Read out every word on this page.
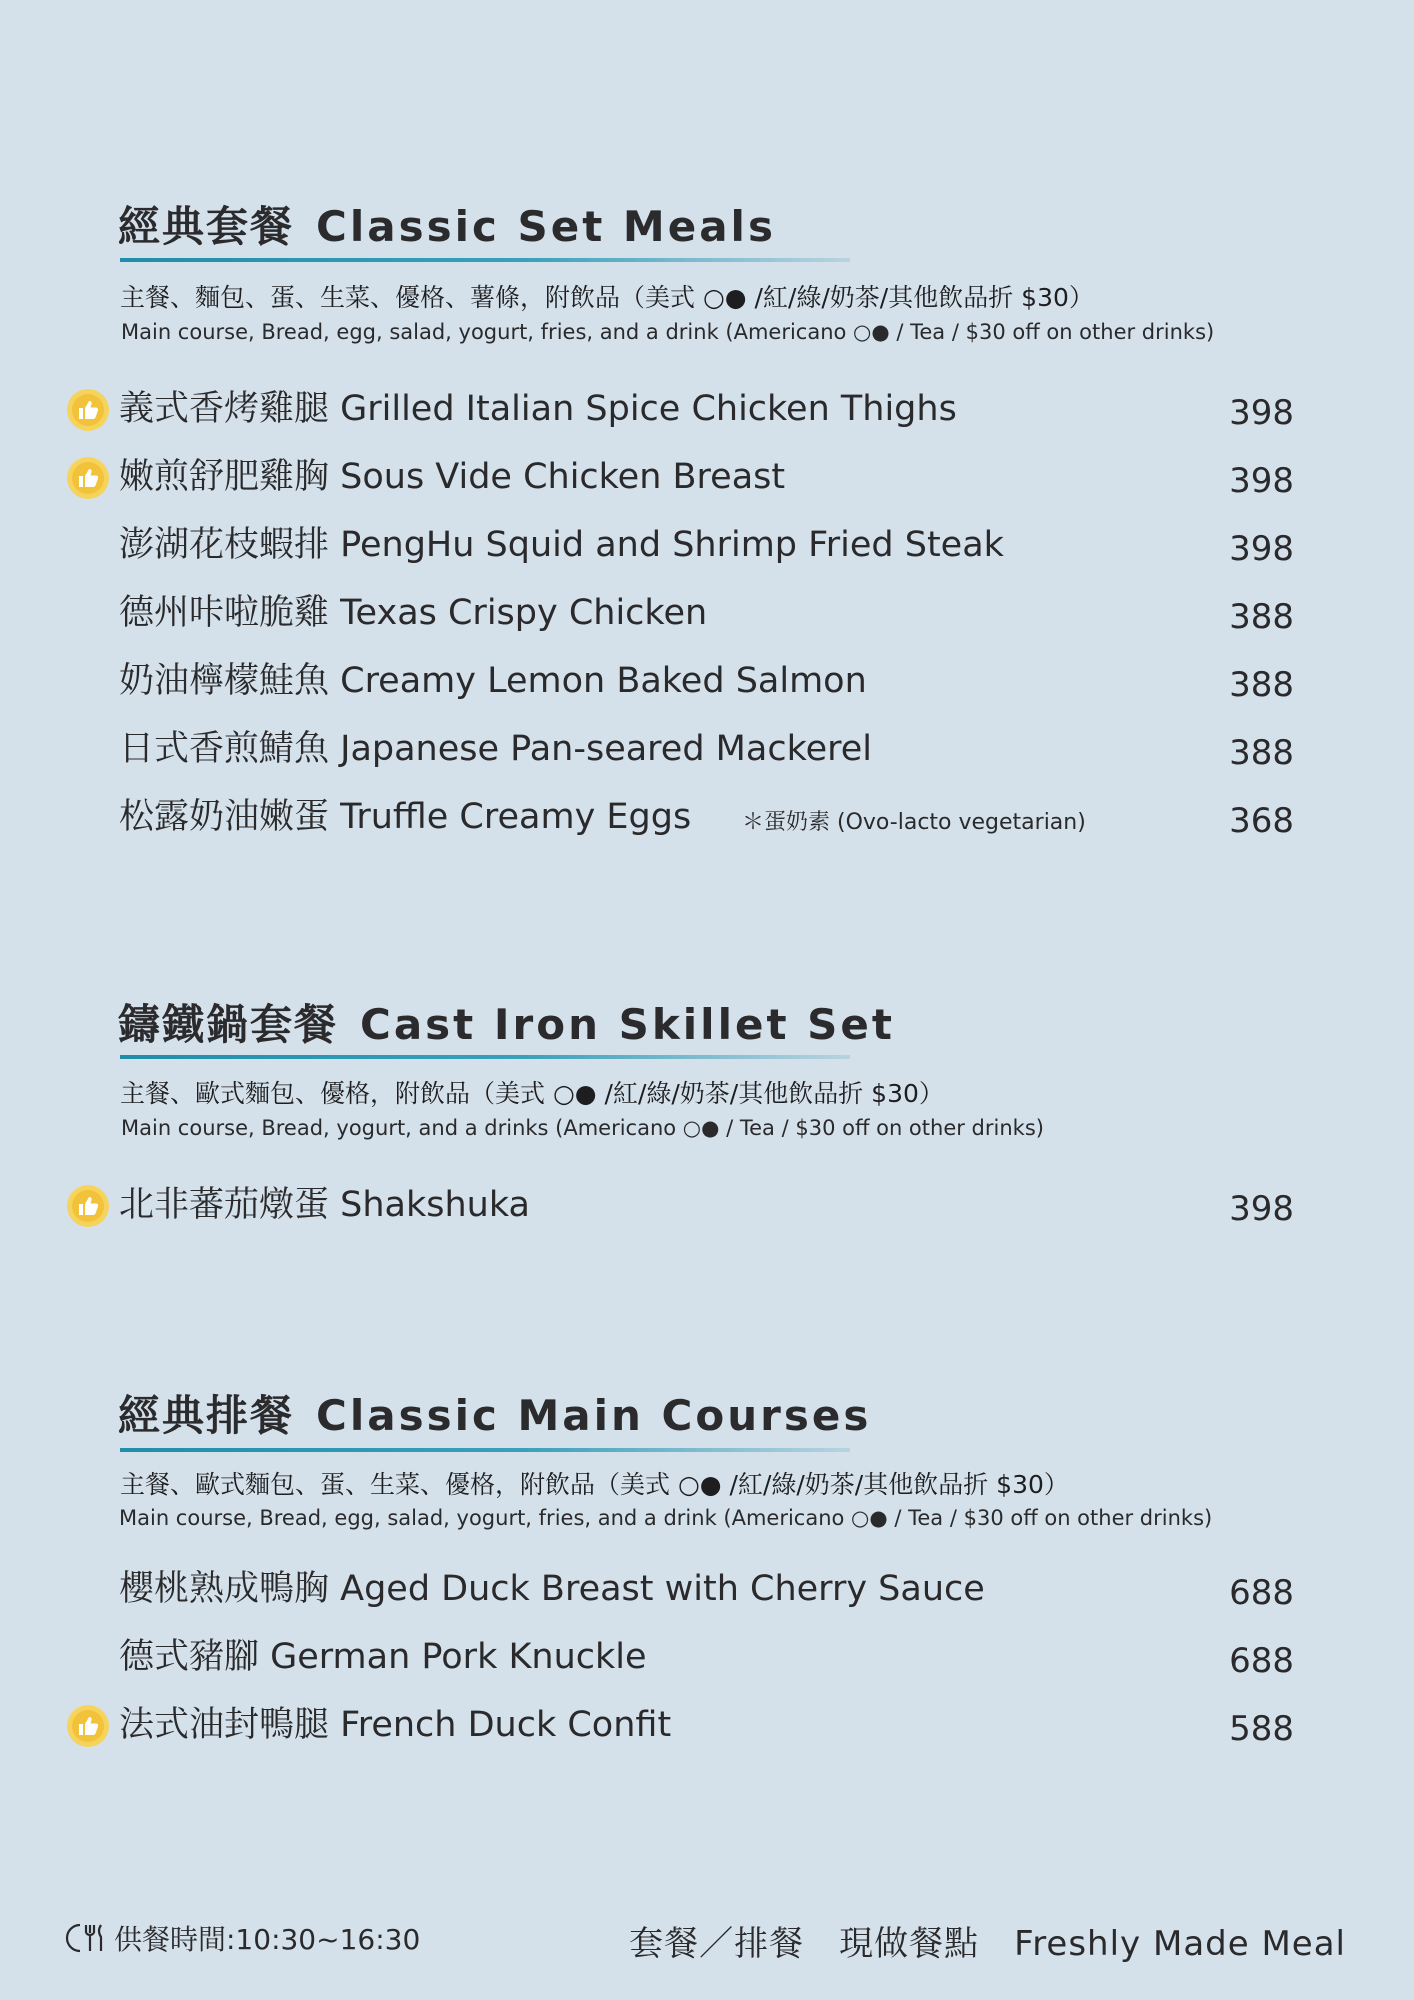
經典套餐 Classic Set Meals
主餐、麵包、蛋、生菜、優格、薯條，附飲品（美式 ○● /紅/綠/奶茶/其他飲品折 $30）
Main course, Bread, egg, salad, yogurt, fries, and a drink (Americano ○● / Tea / $30 off on other drinks)
義式香烤雞腿 Grilled Italian Spice Chicken Thighs	398
嫩煎舒肥雞胸 Sous Vide Chicken Breast	398
澎湖花枝蝦排 PengHu Squid and Shrimp Fried Steak	398
德州咔啦脆雞 Texas Crispy Chicken	388
奶油檸檬鮭魚 Creamy Lemon Baked Salmon	388
日式香煎鯖魚 Japanese Pan-seared Mackerel	388
松露奶油嫩蛋 Truffle Creamy Eggs ＊蛋奶素 (Ovo-lacto vegetarian)	368
鑄鐵鍋套餐 Cast Iron Skillet Set
主餐、歐式麵包、優格，附飲品（美式 ○● /紅/綠/奶茶/其他飲品折 $30）
Main course, Bread, yogurt, and a drinks (Americano ○● / Tea / $30 off on other drinks)
北非蕃茄燉蛋 Shakshuka	398
經典排餐 Classic Main Courses
主餐、歐式麵包、蛋、生菜、優格，附飲品（美式 ○● /紅/綠/奶茶/其他飲品折 $30）
Main course, Bread, egg, salad, yogurt, fries, and a drink (Americano ○● / Tea / $30 off on other drinks)
櫻桃熟成鴨胸 Aged Duck Breast with Cherry Sauce	688
德式豬腳 German Pork Knuckle	688
法式油封鴨腿 French Duck Confit	588
供餐時間:10:30~16:30	套餐／排餐　現做餐點　Freshly Made Meal
